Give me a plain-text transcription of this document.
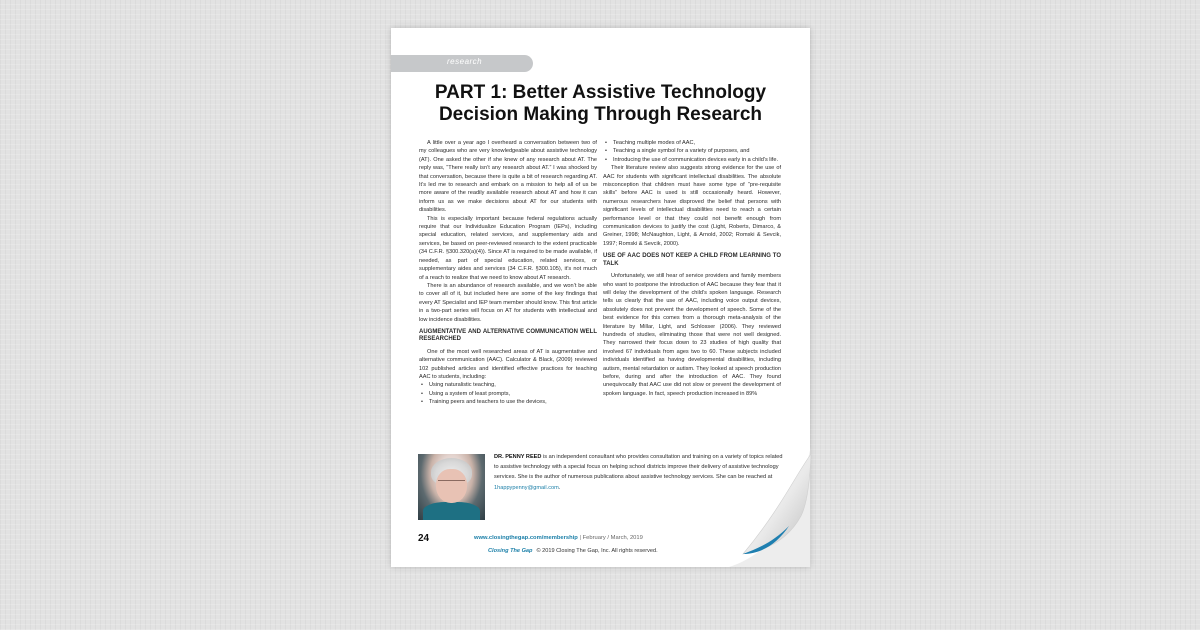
research
PART 1: Better Assistive Technology
Decision Making Through Research

A little over a year ago I overheard a conversation between two of my colleagues who are very knowledgeable about assistive technology (AT). One asked the other if she knew of any research about AT. The reply was, “There really isn’t any research about AT.” I was shocked by that conversation, because there is quite a bit of research regarding AT. It’s led me to research and embark on a mission to help all of us be more aware of the readily available research about AT and how it can inform us as we make decisions about AT for our students with disabilities.

This is especially important because federal regulations actually require that our Individualize Education Program (IEPs), including special education, related services, and supplementary aids and services, be based on peer-reviewed research to the extent practicable (34 C.F.R. §300.320(a)(4)). Since AT is required to be made available, if needed, as part of special education, related services, or supplementary aides and services (34 C.F.R. §300.105), it’s not much of a reach to realize that we need to know about AT research.

There is an abundance of research available, and we won’t be able to cover all of it, but included here are some of the key findings that every AT Specialist and IEP team member should know. This first article in a two-part series will focus on AT for students with intellectual and low incidence disabilities.

AUGMENTATIVE AND ALTERNATIVE COMMUNICATION WELL RESEARCHED

One of the most well researched areas of AT is augmentative and alternative communication (AAC). Calculator & Black, (2009) reviewed 102 published articles and identified effective practices for teaching AAC to students, including:

• Using naturalistic teaching,
• Using a system of least prompts,
• Training peers and teachers to use the devices,
• Teaching multiple modes of AAC,
• Teaching a single symbol for a variety of purposes, and
• Introducing the use of communication devices early in a child’s life.

Their literature review also suggests strong evidence for the use of AAC for students with significant intellectual disabilities. The absolute misconception that children must have some type of “pre-requisite skills” before AAC is used is still occasionally heard. However, numerous researchers have disproved the belief that persons with significant levels of intellectual disabilities need to reach a certain performance level or that they could not benefit enough from communication devices to justify the cost (Light, Roberts, Dimarco, & Greiner, 1998; McNaughton, Light, & Arnold, 2002; Romski & Sevcik, 1997; Romski & Sevcik, 2000).

USE OF AAC DOES NOT KEEP A CHILD FROM LEARNING TO TALK

Unfortunately, we still hear of service providers and family members who want to postpone the introduction of AAC because they fear that it will delay the development of the child’s spoken language. Research tells us clearly that the use of AAC, including voice output devices, absolutely does not prevent the development of speech. Some of the best evidence for this comes from a thorough meta-analysis of the literature by Millar, Light, and Schlosser (2006). They reviewed hundreds of studies, eliminating those that were not well designed. They narrowed their focus down to 23 studies of high quality that involved 67 individuals from ages two to 60. These subjects included individuals identified as having developmental disabilities, including autism, mental retardation or autism. They looked at speech production before, during and after the introduction of AAC. They found unequivocally that AAC use did not slow or prevent the development of spoken language. In fact, speech production increased in 89%

DR. PENNY REED is an independent consultant who provides consultation and training on a variety of topics related to assistive technology with a special focus on helping school districts improve their delivery of assistive technology services. She is the author of numerous publications about assistive technology services. She can be reached at 1happypenny@gmail.com.
24	www.closingthegap.com/membership | February / March, 2019
Closing The Gap © 2019 Closing The Gap, Inc. All rights reserved.
